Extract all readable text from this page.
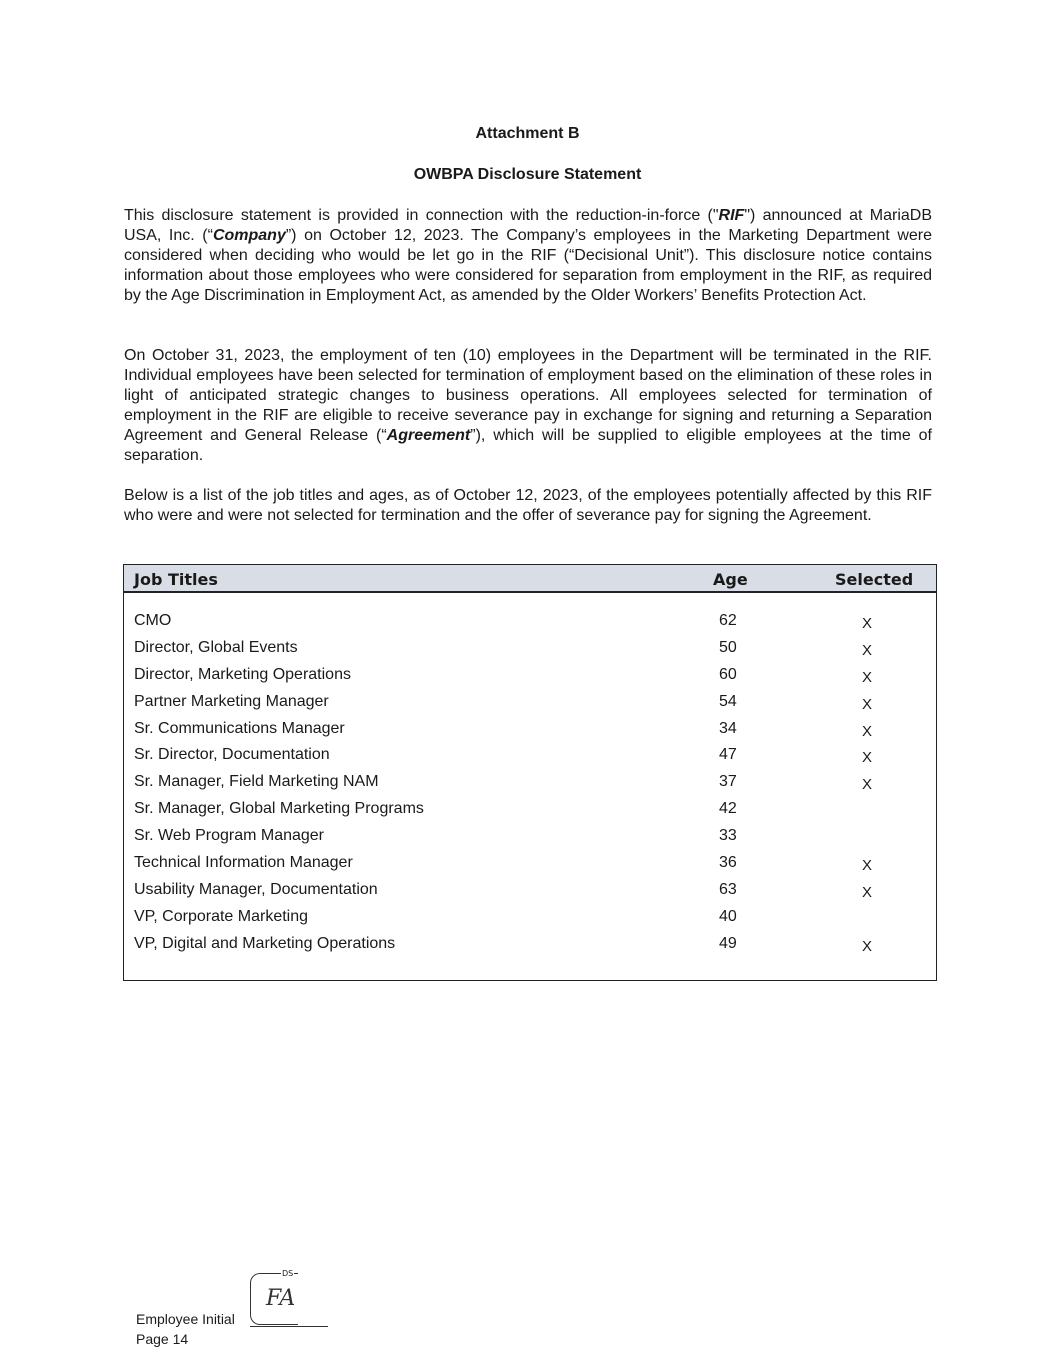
Attachment B
OWBPA Disclosure Statement
This disclosure statement is provided in connection with the reduction-in-force ("RIF") announced at MariaDB USA, Inc. (“Company”) on October 12, 2023. The Company’s employees in the Marketing Department were considered when deciding who would be let go in the RIF (“Decisional Unit”). This disclosure notice contains information about those employees who were considered for separation from employment in the RIF, as required by the Age Discrimination in Employment Act, as amended by the Older Workers’ Benefits Protection Act.
On October 31, 2023, the employment of ten (10) employees in the Department will be terminated in the RIF. Individual employees have been selected for termination of employment based on the elimination of these roles in light of anticipated strategic changes to business operations. All employees selected for termination of employment in the RIF are eligible to receive severance pay in exchange for signing and returning a Separation Agreement and General Release (“Agreement”), which will be supplied to eligible employees at the time of separation.
Below is a list of the job titles and ages, as of October 12, 2023, of the employees potentially affected by this RIF who were and were not selected for termination and the offer of severance pay for signing the Agreement.
Job Titles	Age	Selected
CMO	62	X
Director, Global Events	50	X
Director, Marketing Operations	60	X
Partner Marketing Manager	54	X
Sr. Communications Manager	34	X
Sr. Director, Documentation	47	X
Sr. Manager, Field Marketing NAM	37	X
Sr. Manager, Global Marketing Programs	42
Sr. Web Program Manager	33
Technical Information Manager	36	X
Usability Manager, Documentation	63	X
VP, Corporate Marketing	40
VP, Digital and Marketing Operations	49	X
DS
FA
Employee Initial
Page 14
